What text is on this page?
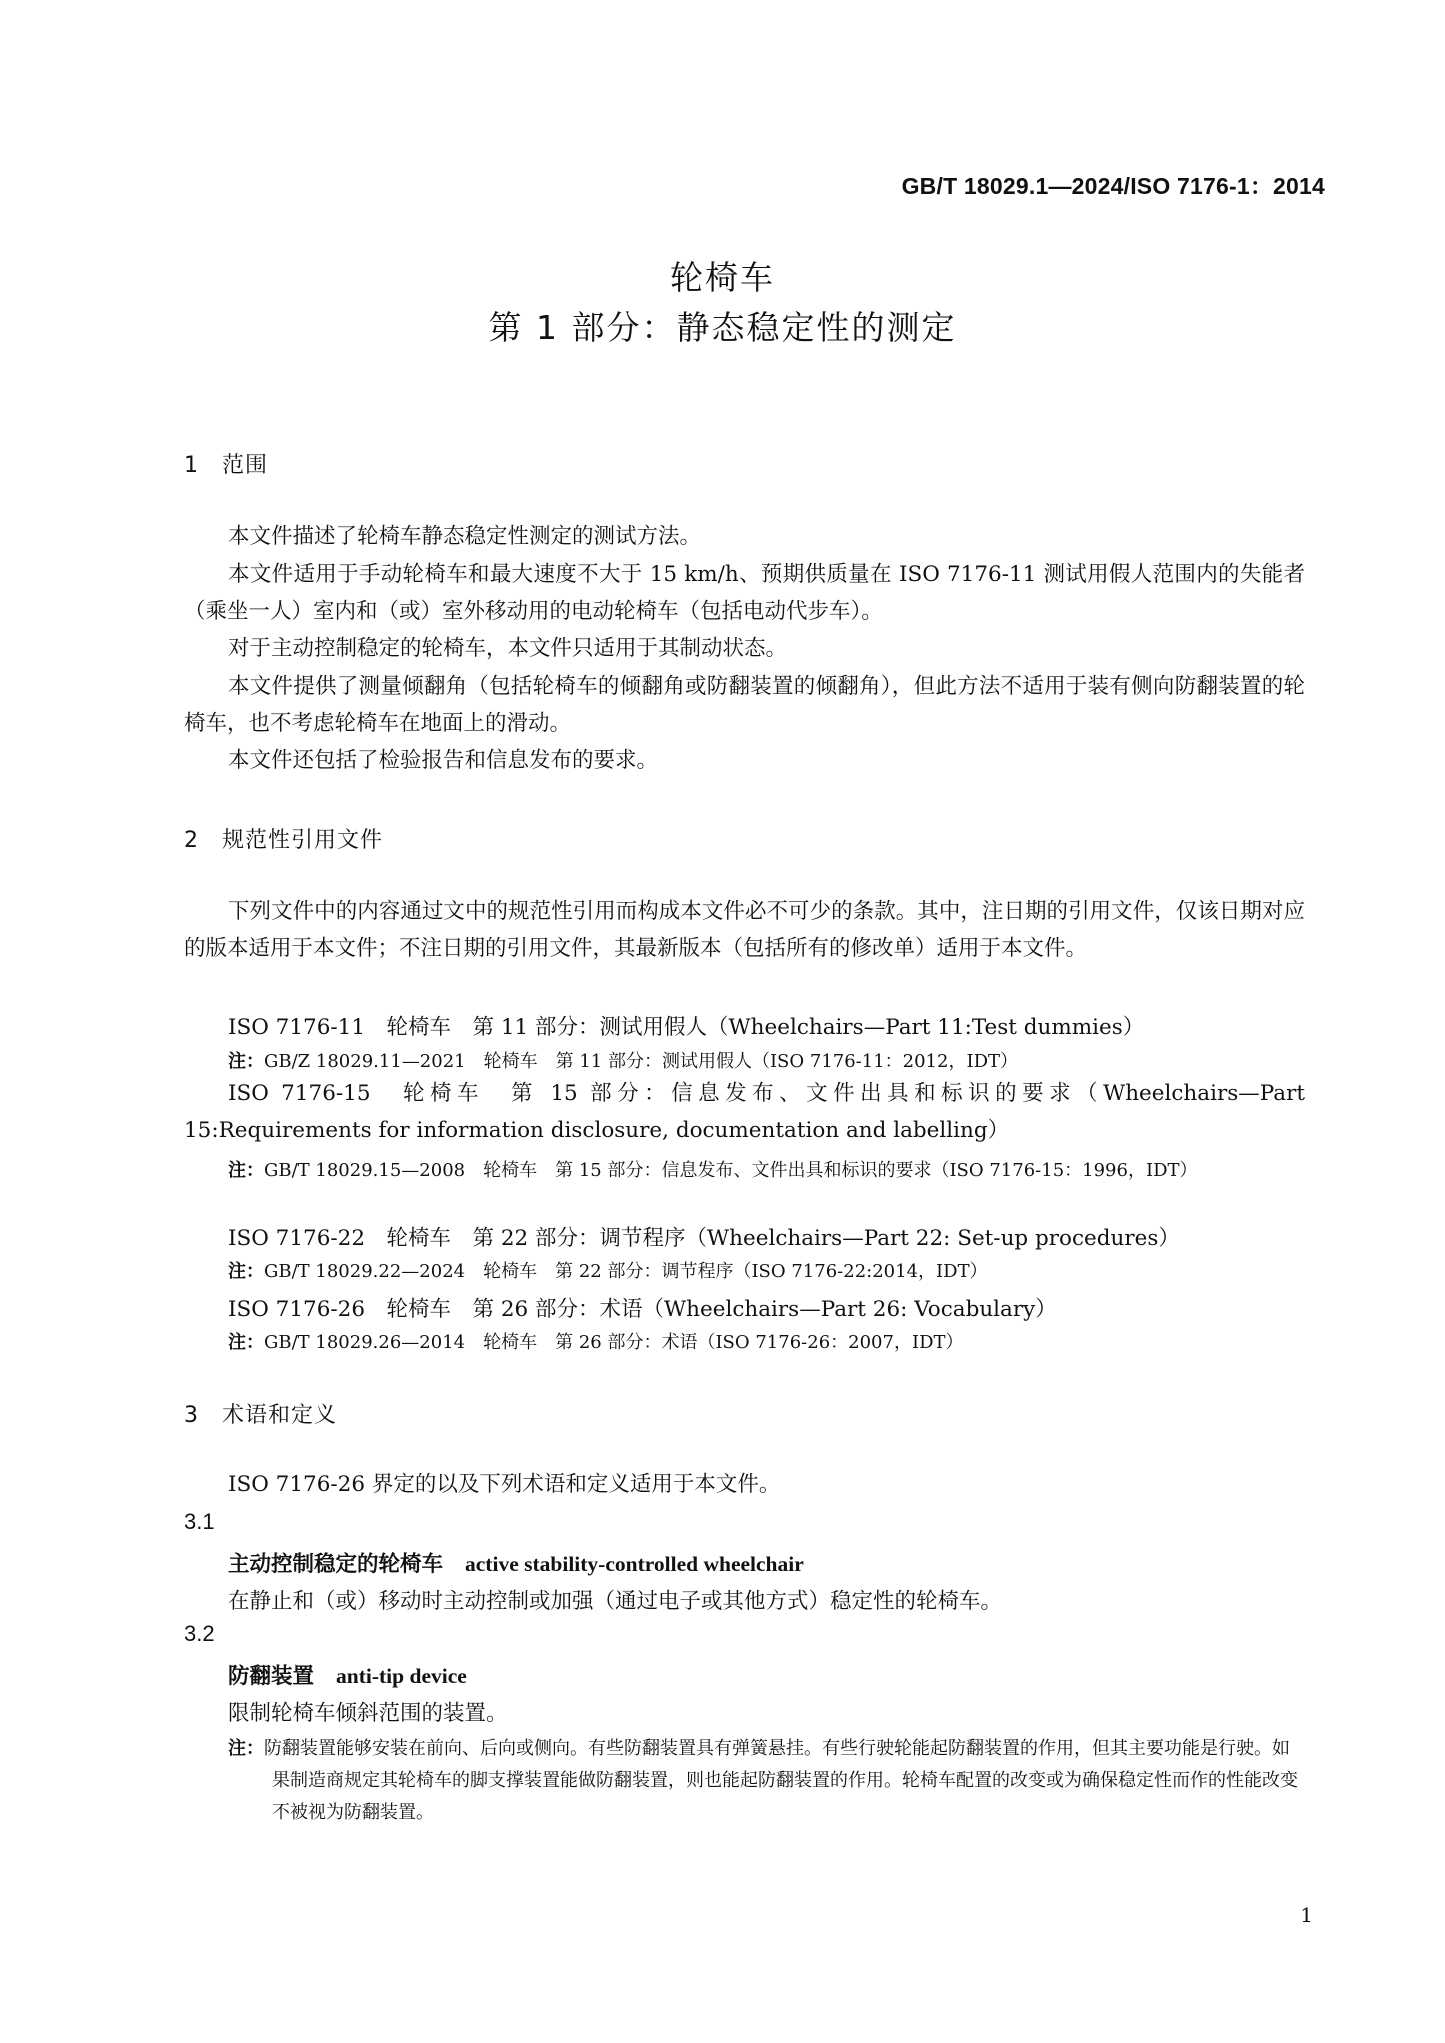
GB/T 18029.1—2024/ISO 7176-1：2014
轮椅车
第 1 部分：静态稳定性的测定
1 范围

本文件描述了轮椅车静态稳定性测定的测试方法。

本文件适用于手动轮椅车和最大速度不大于 15 km/h、预期供质量在 ISO 7176-11 测试用假人范围内的失能者（乘坐一人）室内和（或）室外移动用的电动轮椅车（包括电动代步车）。

对于主动控制稳定的轮椅车，本文件只适用于其制动状态。

本文件提供了测量倾翻角（包括轮椅车的倾翻角或防翻装置的倾翻角），但此方法不适用于装有侧向防翻装置的轮椅车，也不考虑轮椅车在地面上的滑动。

本文件还包括了检验报告和信息发布的要求。

2 规范性引用文件

下列文件中的内容通过文中的规范性引用而构成本文件必不可少的条款。其中，注日期的引用文件，仅该日期对应的版本适用于本文件；不注日期的引用文件，其最新版本（包括所有的修改单）适用于本文件。

ISO 7176-11　轮椅车　第 11 部分：测试用假人（Wheelchairs—Part 11:Test dummies）

注：GB/Z 18029.11—2021　轮椅车　第 11 部分：测试用假人（ISO 7176-11：2012，IDT）

ISO 7176-15　轮椅车　第 15 部分：信息发布、文件出具和标识的要求（Wheelchairs—Part 15:Requirements for information disclosure, documentation and labelling）

注：GB/T 18029.15—2008　轮椅车　第 15 部分：信息发布、文件出具和标识的要求（ISO 7176-15：1996，IDT）

ISO 7176-22　轮椅车　第 22 部分：调节程序（Wheelchairs—Part 22: Set-up procedures）

注：GB/T 18029.22—2024　轮椅车　第 22 部分：调节程序（ISO 7176-22:2014，IDT）

ISO 7176-26　轮椅车　第 26 部分：术语（Wheelchairs—Part 26: Vocabulary）

注：GB/T 18029.26—2014　轮椅车　第 26 部分：术语（ISO 7176-26：2007，IDT）

3 术语和定义

ISO 7176-26 界定的以及下列术语和定义适用于本文件。

3.1
主动控制稳定的轮椅车 active stability-controlled wheelchair
在静止和（或）移动时主动控制或加强（通过电子或其他方式）稳定性的轮椅车。
3.2
防翻装置 anti-tip device
限制轮椅车倾斜范围的装置。

注：防翻装置能够安装在前向、后向或侧向。有些防翻装置具有弹簧悬挂。有些行驶轮能起防翻装置的作用，但其主要功能是行驶。如果制造商规定其轮椅车的脚支撑装置能做防翻装置，则也能起防翻装置的作用。轮椅车配置的改变或为确保稳定性而作的性能改变不被视为防翻装置。

1
